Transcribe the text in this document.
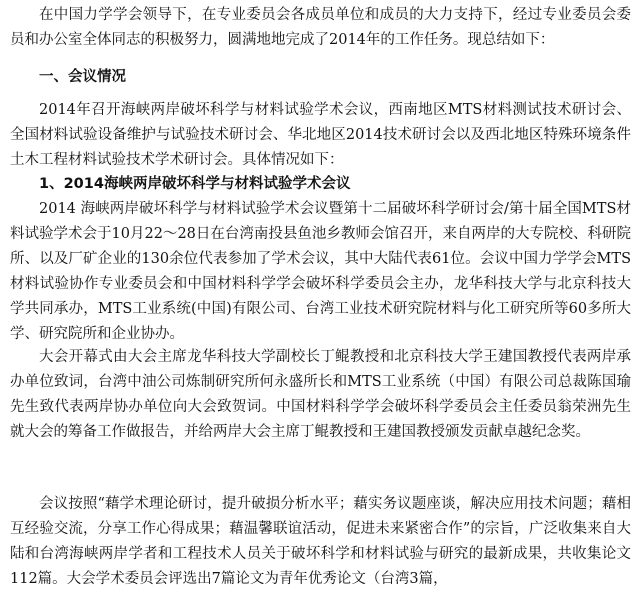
在中国力学学会领导下，在专业委员会各成员单位和成员的大力支持下，经过专业委员会委员和办公室全体同志的积极努力，圆满地地完成了2014年的工作任务。现总结如下：

一、会议情况

2014年召开海峡两岸破坏科学与材料试验学术会议，西南地区MTS材料测试技术研讨会、全国材料试验设备维护与试验技术研讨会、华北地区2014技术研讨会以及西北地区特殊环境条件土木工程材料试验技术学术研讨会。具体情况如下：

1、2014海峡两岸破坏科学与材料试验学术会议

2014 海峡两岸破坏科学与材料试验学术会议暨第十二届破坏科学研讨会/第十届全国MTS材料试验学术会于10月22～28日在台湾南投县鱼池乡教师会馆召开，来自两岸的大专院校、科研院所、以及厂矿企业的130余位代表参加了学术会议，其中大陆代表61位。会议中国力学学会MTS材料试验协作专业委员会和中国材料科学学会破坏科学委员会主办，龙华科技大学与北京科技大学共同承办，MTS工业系统(中国)有限公司、台湾工业技术研究院材料与化工研究所等60多所大学、研究院所和企业协办。

大会开幕式由大会主席龙华科技大学副校长丁鲲教授和北京科技大学王建国教授代表两岸承办单位致词，台湾中油公司炼制研究所何永盛所长和MTS工业系统（中国）有限公司总裁陈国瑜先生致代表两岸协办单位向大会致贺词。中国材料科学学会破坏科学委员会主任委员翁荣洲先生就大会的筹备工作做报告，并给两岸大会主席丁鲲教授和王建国教授颁发贡献卓越纪念奖。

会议按照“藉学术理论研讨，提升破损分析水平；藉实务议题座谈，解决应用技术问题；藉相互经验交流，分享工作心得成果；藉温馨联谊活动，促进未来紧密合作”的宗旨，广泛收集来自大陆和台湾海峡两岸学者和工程技术人员关于破坏科学和材料试验与研究的最新成果，共收集论文112篇。大会学术委员会评选出7篇论文为青年优秀论文（台湾3篇，
